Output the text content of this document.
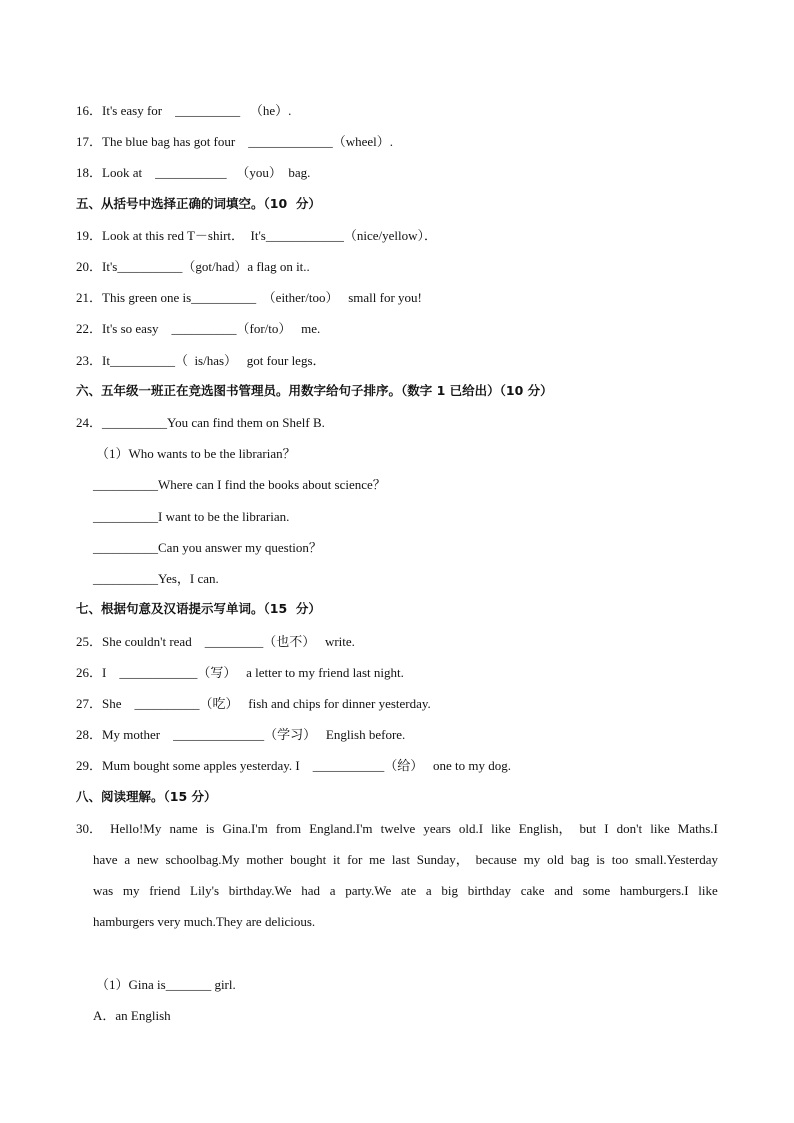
16．It's easy for    __________   （he）.
17．The blue bag has got four    _____________（wheel）.
18．Look at    ___________   （you）  bag.
五、从括号中选择正确的词填空。（10  分）
19．Look at this red T－shirt．  It's____________（nice/yellow）．
20．It's__________（got/had）a flag on it..
21．This green one is__________  （either/too）   small for you!
22．It's so easy    __________（for/to）   me.
23．It__________（  is/has）   got four legs．
六、五年级一班正在竞选图书管理员。用数字给句子排序。（数字 1 已给出）（10 分）
24．__________You can find them on Shelf B.
（1）Who wants to be the librarian？
__________Where can I find the books about science？
__________I want to be the librarian.
__________Can you answer my question？
__________Yes，I can.
七、根据句意及汉语提示写单词。（15  分）
25．She couldn't read    _________（也不）   write.
26．I    ____________（写）   a letter to my friend last night.
27．She    __________（吃）   fish and chips for dinner yesterday.
28．My mother    ______________（学习）   English before.
29．Mum bought some apples yesterday. I    ___________（给）   one to my dog.
八、阅读理解。（15 分）
30． Hello!My name is Gina.I'm from England.I'm twelve years old.I like English， but I don't like Maths.I
have a new schoolbag.My mother bought it for me last Sunday， because my old bag is too small.Yesterday
was my friend Lily's birthday.We had a party.We ate a big birthday cake and some hamburgers.I like
hamburgers very much.They are delicious.
（1）Gina is_______ girl.
A．an English
